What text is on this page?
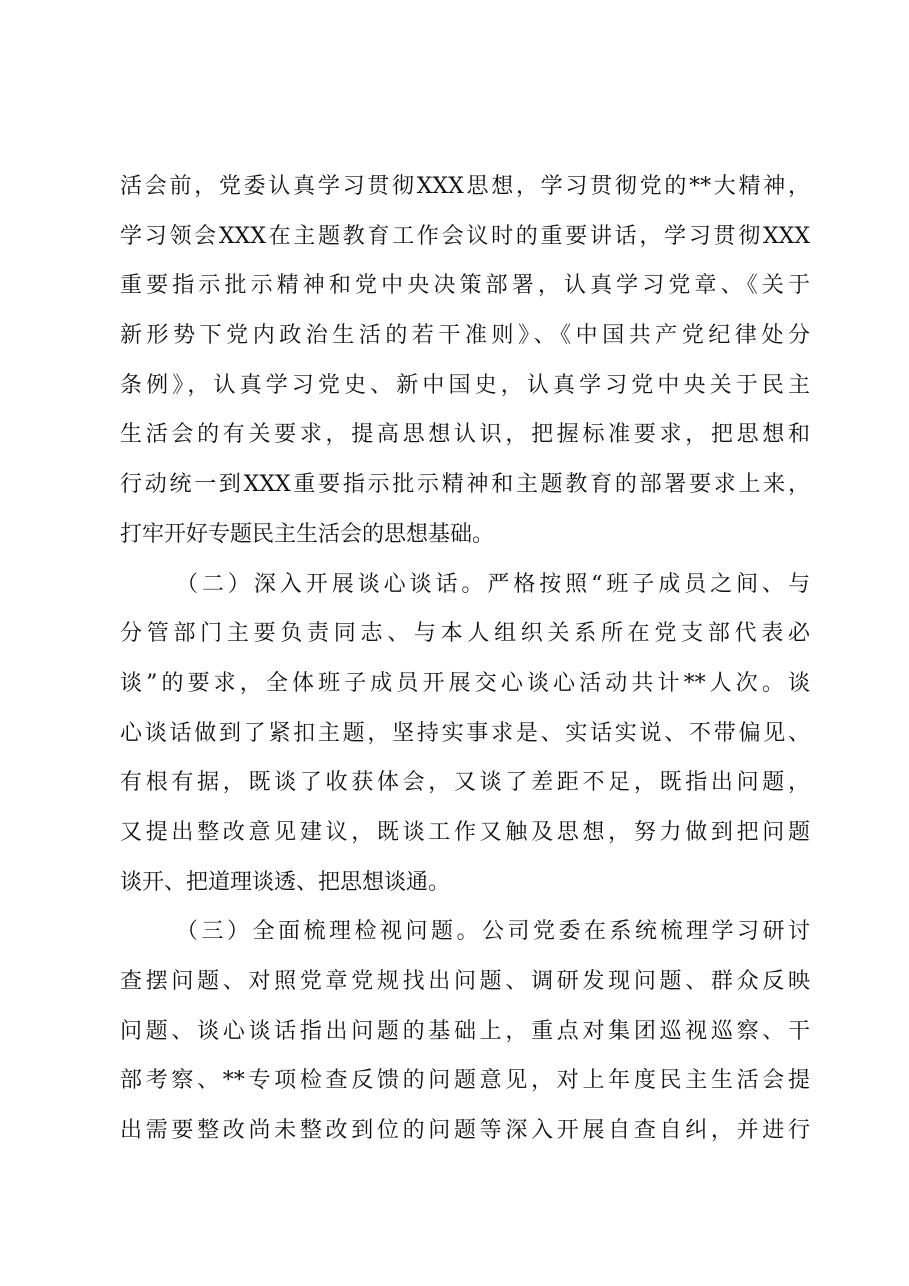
活会前，党委认真学习贯彻XXX思想，学习贯彻党的**大精神，
学习领会XXX在主题教育工作会议时的重要讲话，学习贯彻XXX
重要指示批示精神和党中央决策部署，认真学习党章、《关于
新形势下党内政治生活的若干准则》、《中国共产党纪律处分
条例》，认真学习党史、新中国史，认真学习党中央关于民主
生活会的有关要求，提高思想认识，把握标准要求，把思想和
行动统一到XXX重要指示批示精神和主题教育的部署要求上来，
打牢开好专题民主生活会的思想基础。
（二）深入开展谈心谈话。严格按照“班子成员之间、与
分管部门主要负责同志、与本人组织关系所在党支部代表必
谈”的要求，全体班子成员开展交心谈心活动共计**人次。谈
心谈话做到了紧扣主题，坚持实事求是、实话实说、不带偏见、
有根有据，既谈了收获体会，又谈了差距不足，既指出问题，
又提出整改意见建议，既谈工作又触及思想，努力做到把问题
谈开、把道理谈透、把思想谈通。
（三）全面梳理检视问题。公司党委在系统梳理学习研讨
查摆问题、对照党章党规找出问题、调研发现问题、群众反映
问题、谈心谈话指出问题的基础上，重点对集团巡视巡察、干
部考察、**专项检查反馈的问题意见，对上年度民主生活会提
出需要整改尚未整改到位的问题等深入开展自查自纠，并进行
